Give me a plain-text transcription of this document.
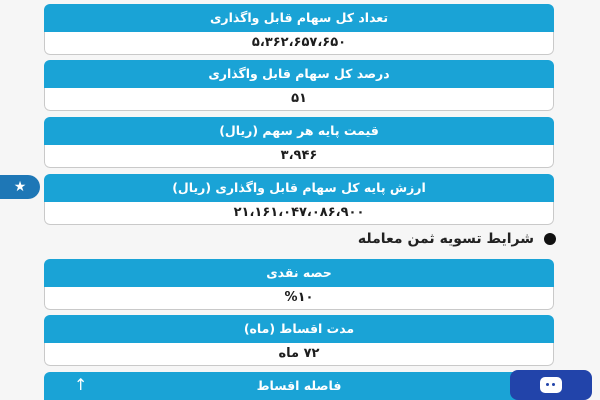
تعداد کل سهام قابل واگذاری
۵،۳۶۲،۶۵۷،۶۵۰
درصد کل سهام قابل واگذاری
۵۱
قیمت پایه هر سهم (ریال)
۳،۹۴۶
ارزش پایه کل سهام قابل واگذاری (ریال)
۲۱،۱۶۱،۰۴۷،۰۸۶،۹۰۰
شرایط تسویه ثمن معامله
حصه نقدی
%۱۰
مدت اقساط (ماه)
۷۲ ماه
فاصله اقساط
★
↑
